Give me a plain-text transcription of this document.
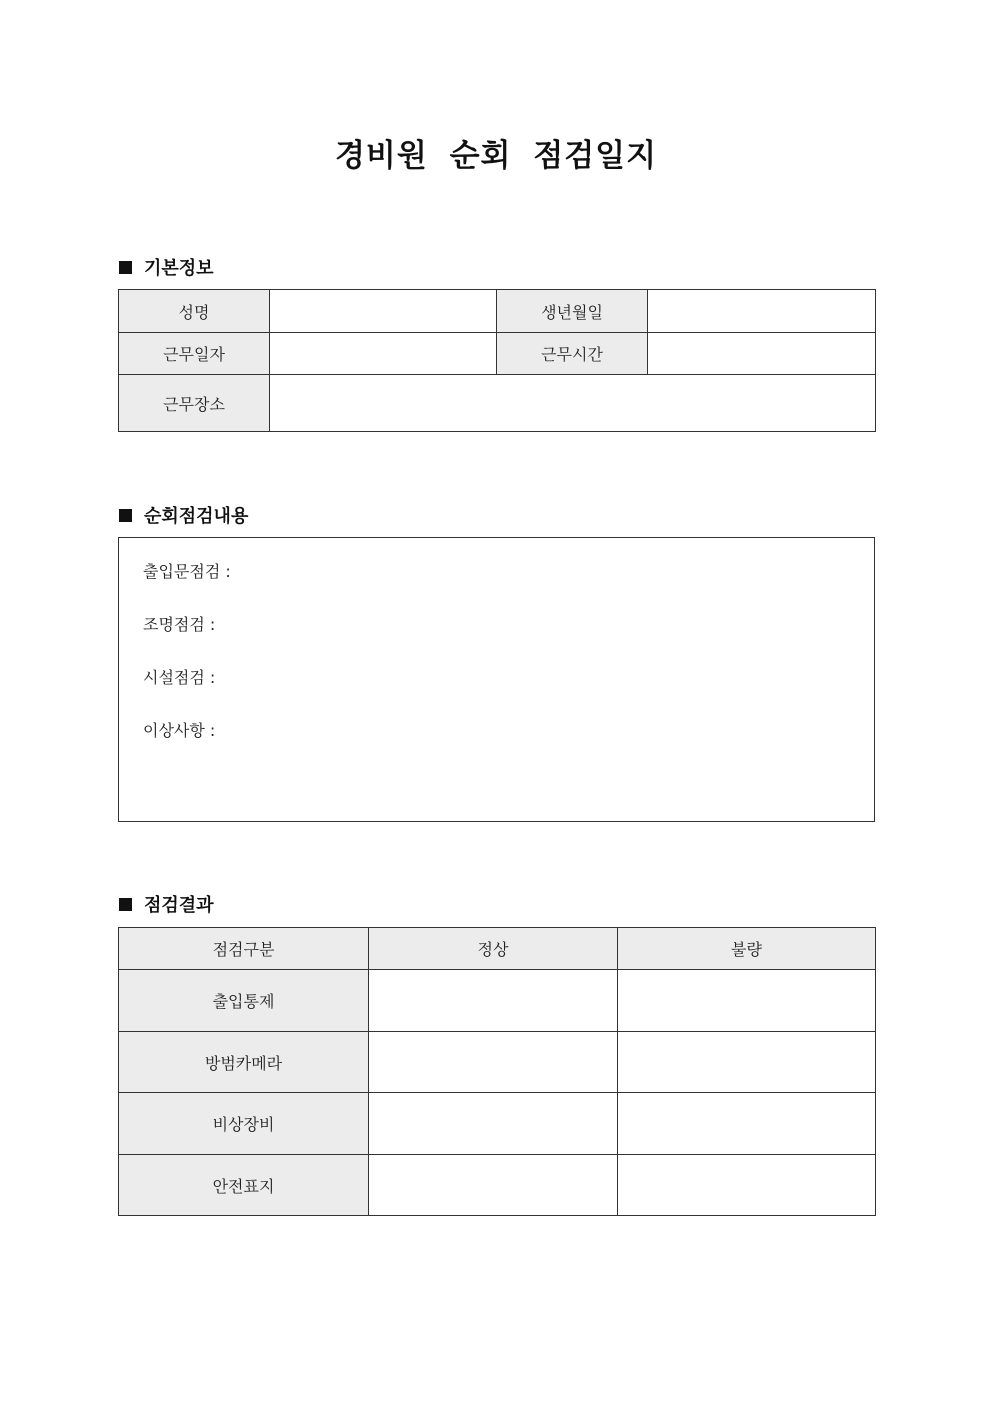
경비원 순회 점검일지
기본정보
성명		생년월일	
근무일자		근무시간	
근무장소			
순회점검내용
출입문점검 :
조명점검 :
시설점검 :
이상사항 :
점검결과
점검구분	정상	불량
출입통제		
방범카메라		
비상장비		
안전표지		
